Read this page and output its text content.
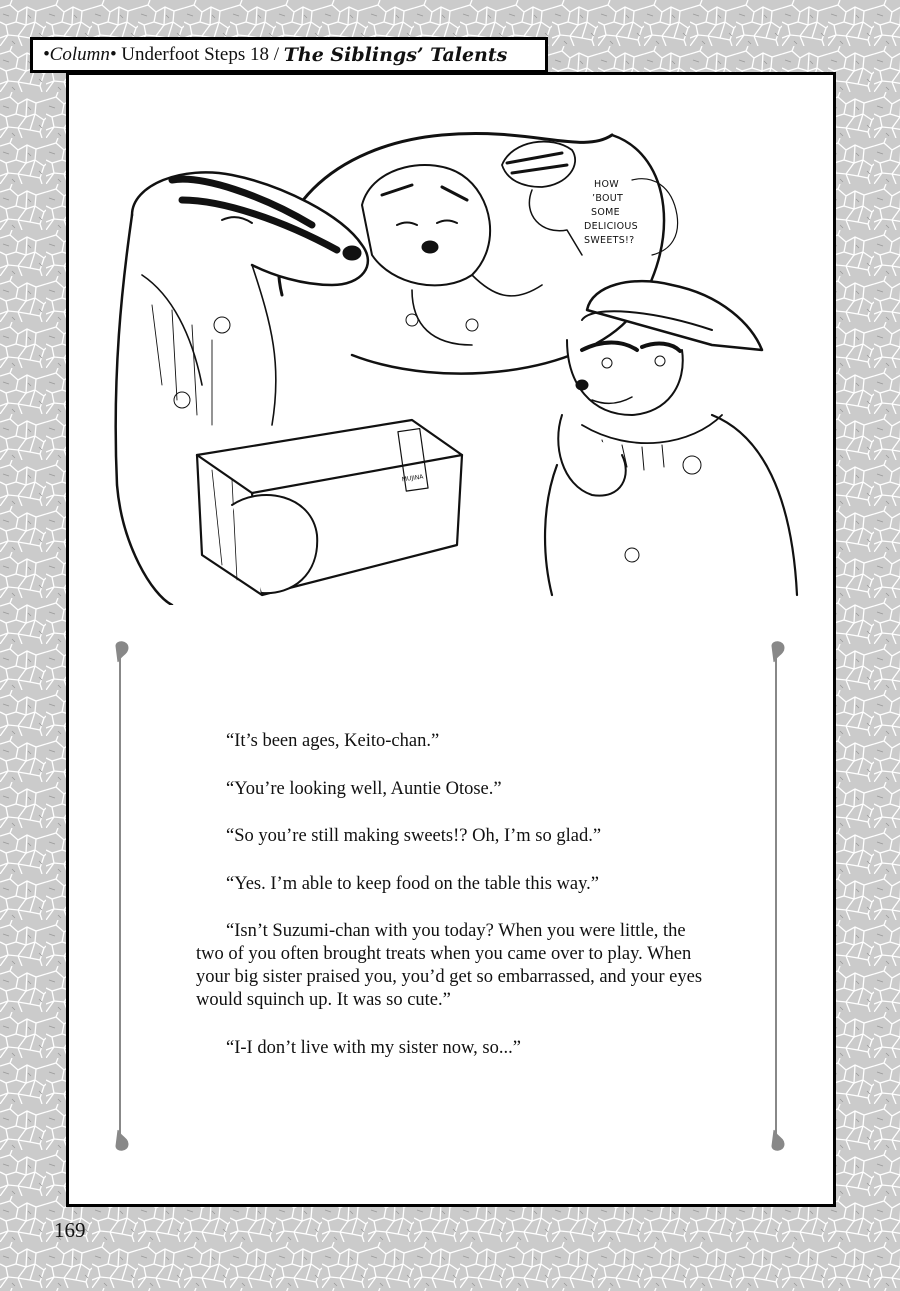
•Column•
Underfoot Steps 18
/
The Siblings’ Talents
HOW
’BOUT
SOME
DELICIOUS
SWEETS!?
MUJINA

“It’s been ages, Keito-chan.”

“You’re looking well, Auntie Otose.”

“So you’re still making sweets!? Oh, I’m so glad.”

“Yes. I’m able to keep food on the table this way.”

“Isn’t Suzumi-chan with you today? When you were little, the two of you often brought treats when you came over to play. When your big sister praised you, you’d get so embarrassed, and your eyes would squinch up. It was so cute.”

“I-I don’t live with my sister now, so...”

169
